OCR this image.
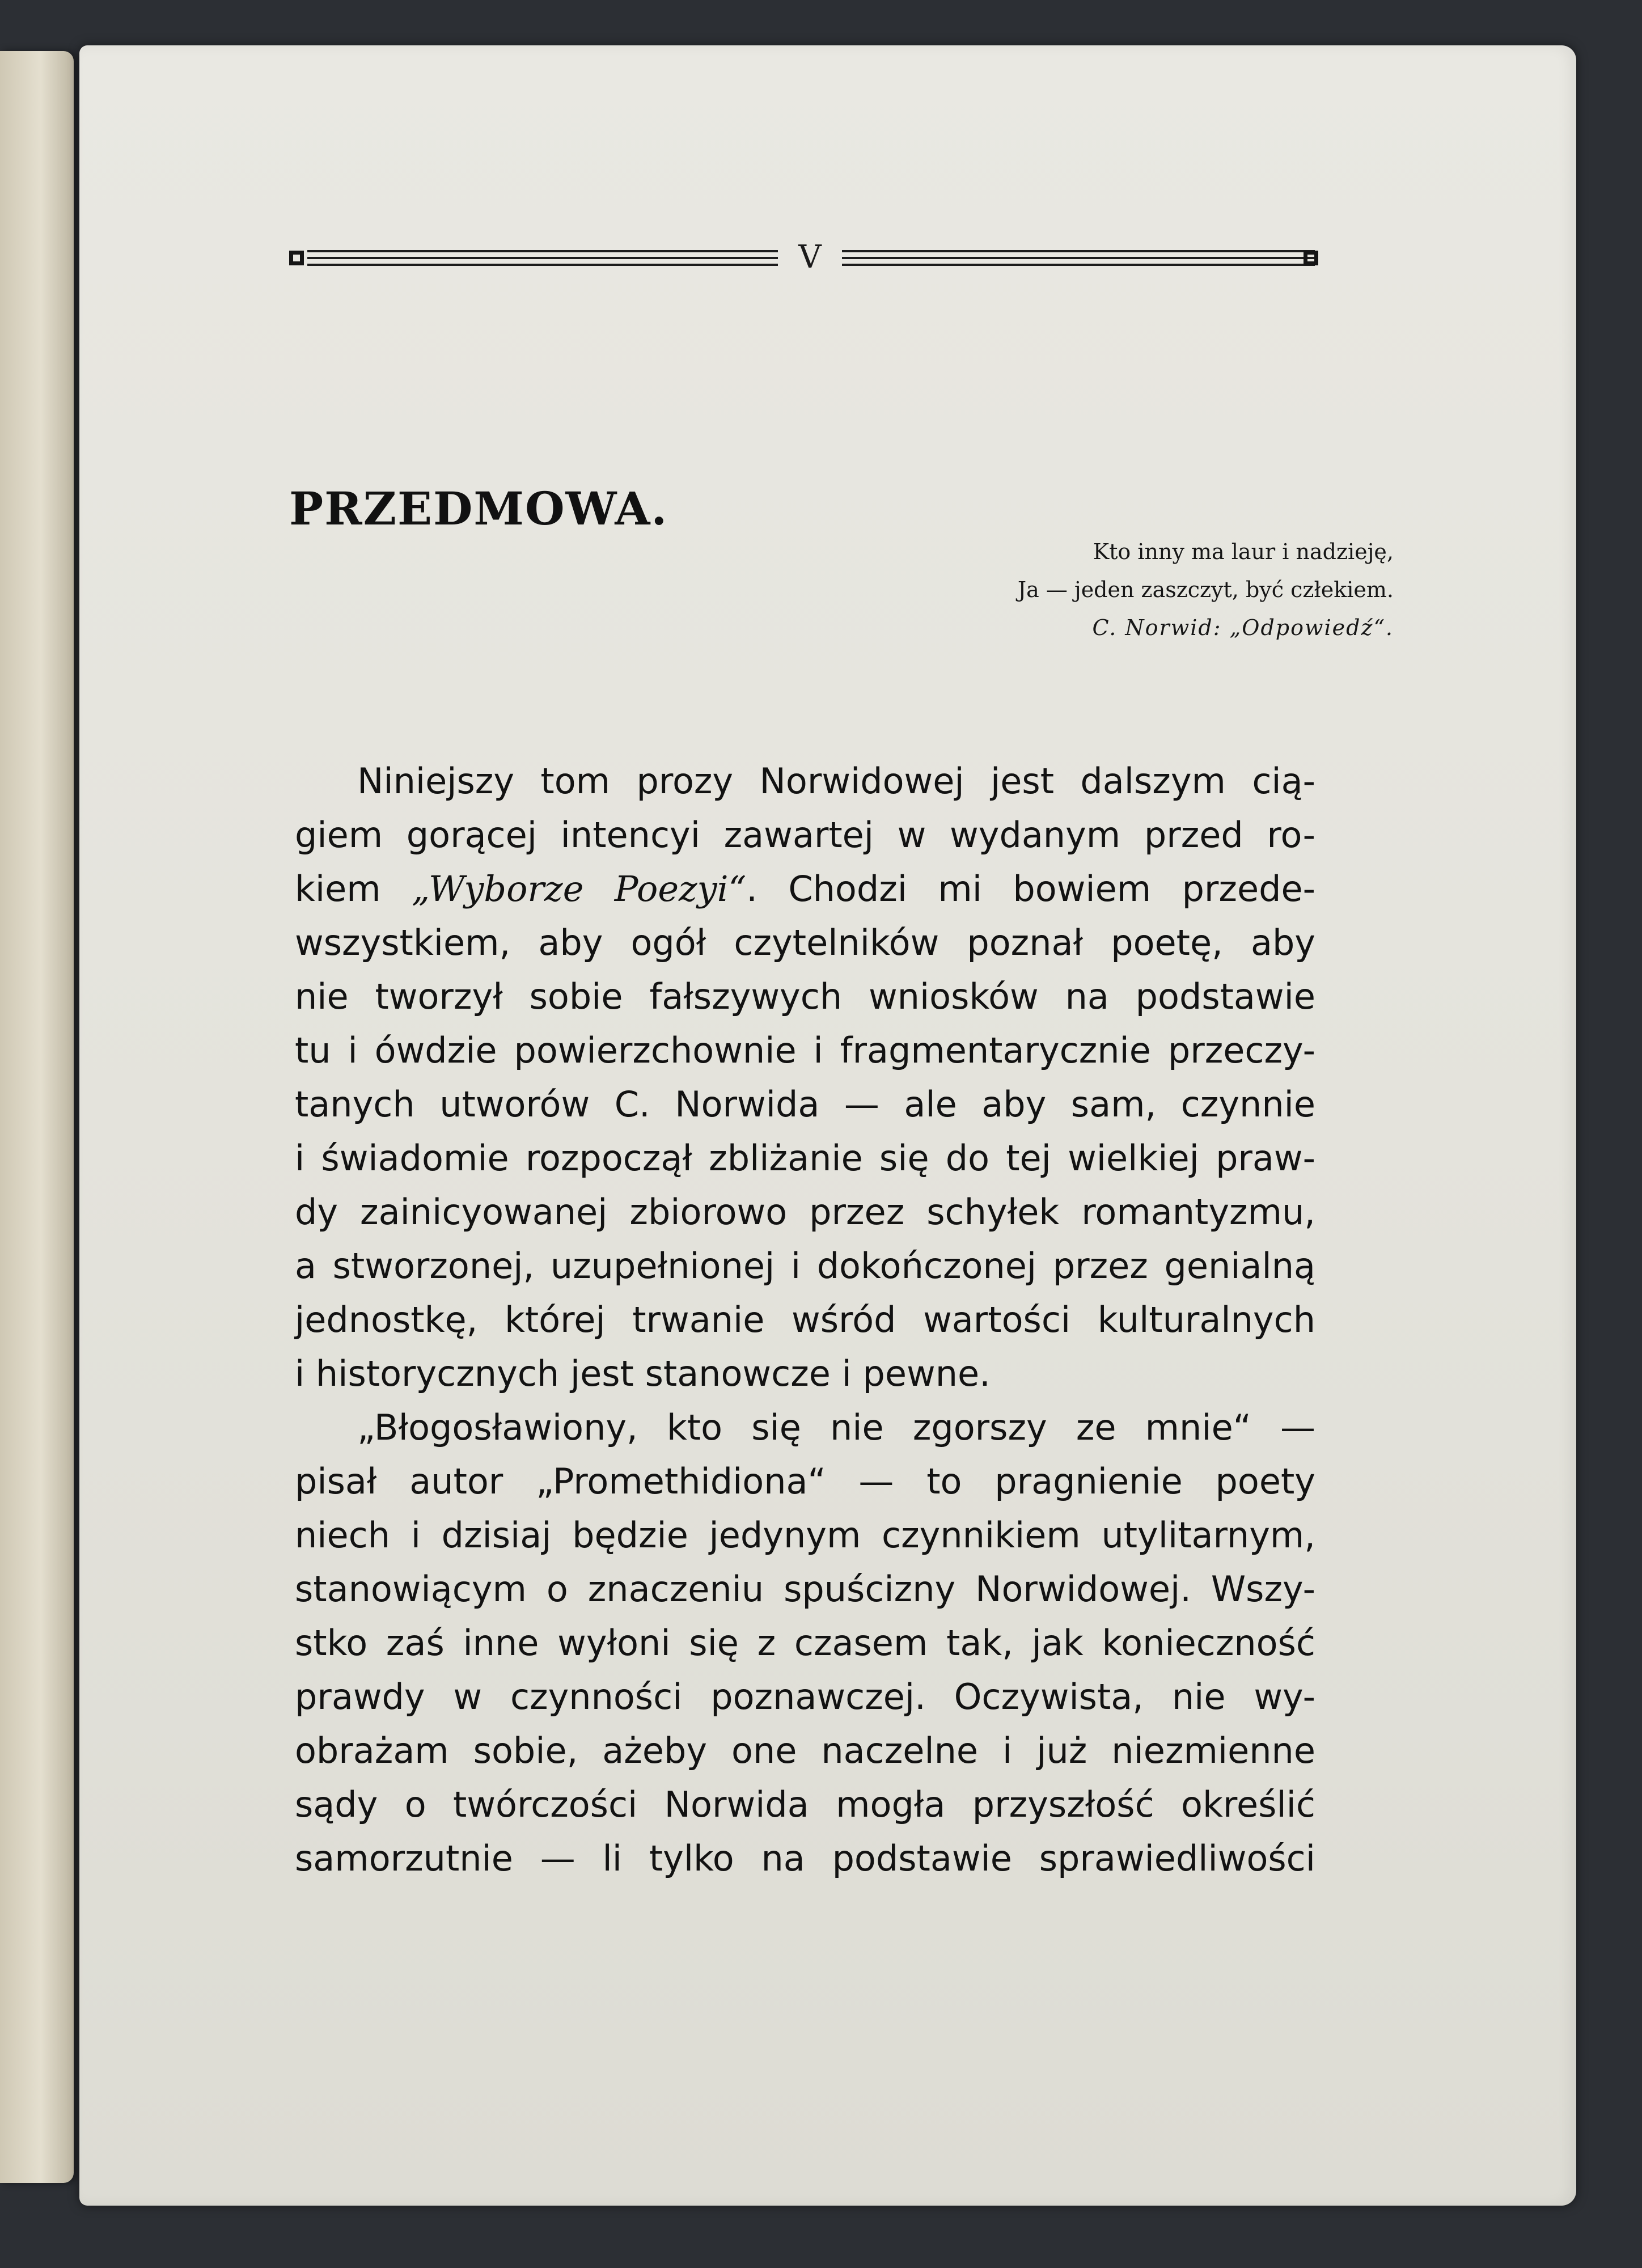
V
PRZEDMOWA.
Kto inny ma laur i nadzieję,
Ja — jeden zaszczyt, być człekiem.
C. Norwid: „Odpowiedź“.
Niniejszy tom prozy Norwidowej jest dalszym cią-
giem gorącej intencyi zawartej w wydanym przed ro-
kiem „Wyborze Poezyi“. Chodzi mi bowiem przede-
wszystkiem, aby ogół czytelników poznał poetę, aby
nie tworzył sobie fałszywych wniosków na podstawie
tu i ówdzie powierzchownie i fragmentarycznie przeczy-
tanych utworów C. Norwida — ale aby sam, czynnie
i świadomie rozpoczął zbliżanie się do tej wielkiej praw-
dy zainicyowanej zbiorowo przez schyłek romantyzmu,
a stworzonej, uzupełnionej i dokończonej przez genialną
jednostkę, której trwanie wśród wartości kulturalnych
i historycznych jest stanowcze i pewne.
„Błogosławiony, kto się nie zgorszy ze mnie“ —
pisał autor „Promethidiona“ — to pragnienie poety
niech i dzisiaj będzie jedynym czynnikiem utylitarnym,
stanowiącym o znaczeniu spuścizny Norwidowej. Wszy-
stko zaś inne wyłoni się z czasem tak, jak konieczność
prawdy w czynności poznawczej. Oczywista, nie wy-
obrażam sobie, ażeby one naczelne i już niezmienne
sądy o twórczości Norwida mogła przyszłość określić
samorzutnie — li tylko na podstawie sprawiedliwości
